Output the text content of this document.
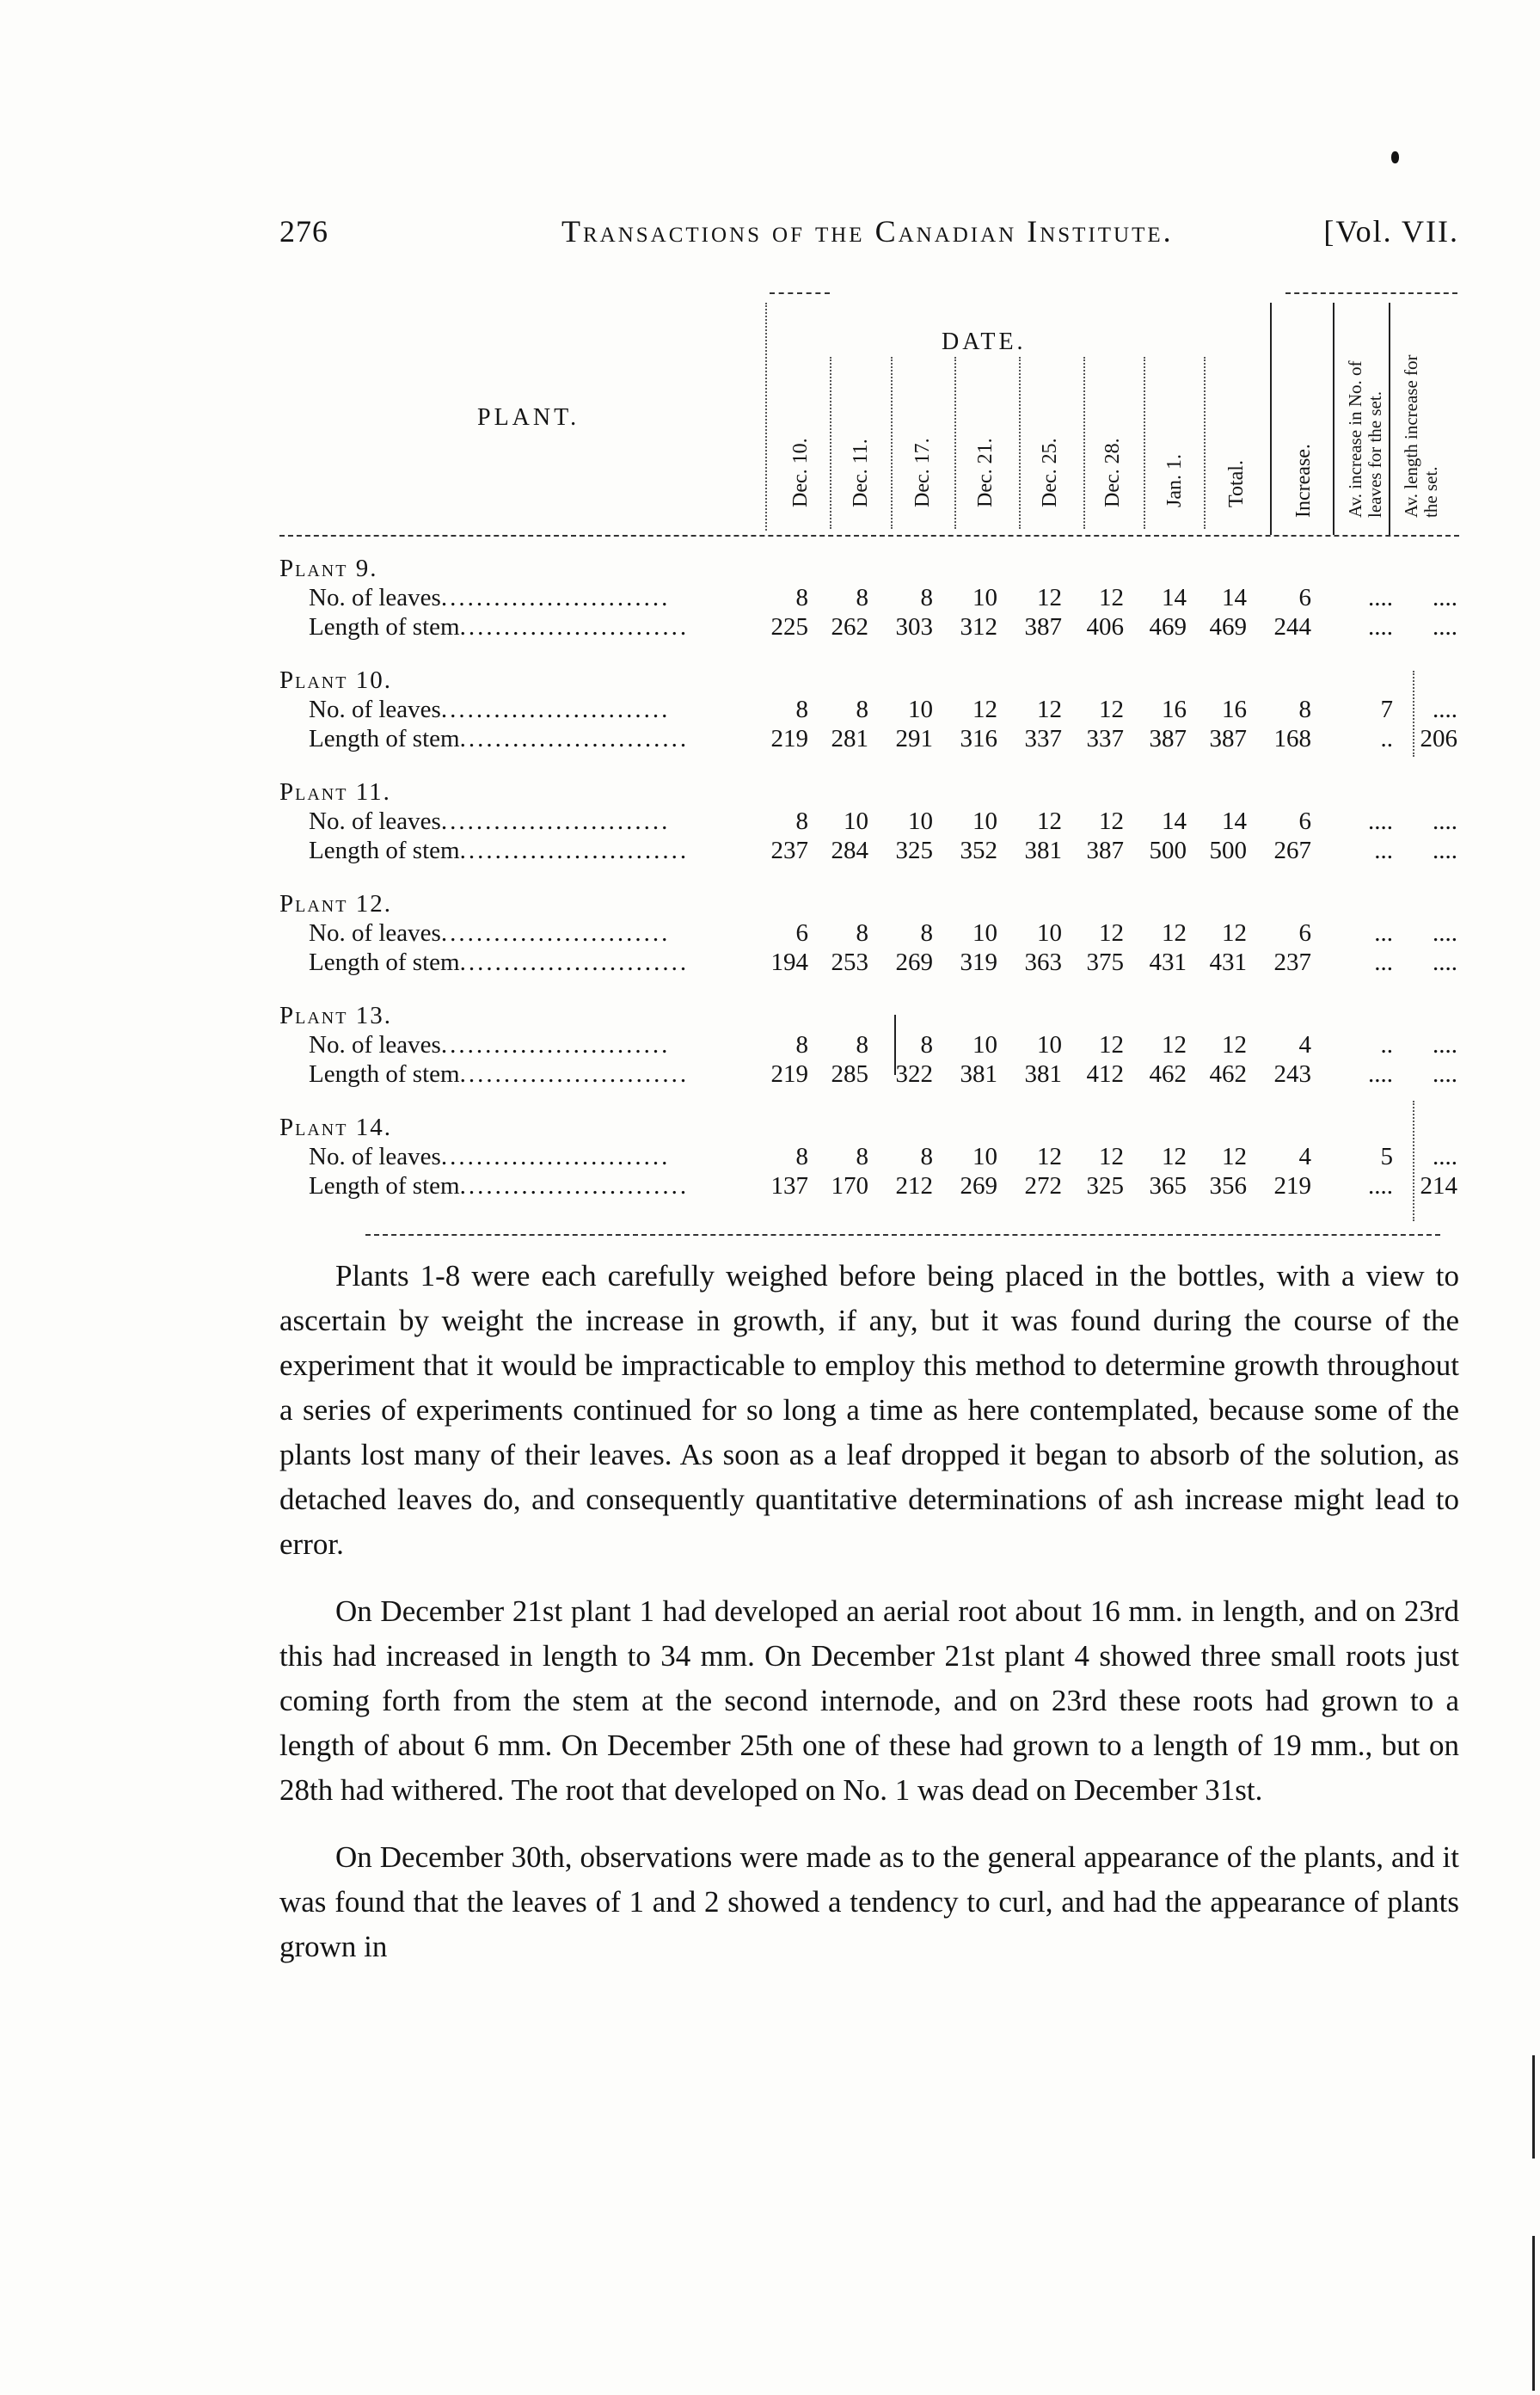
276	Transactions of the Canadian Institute.	[Vol. VII.
PLANT.
DATE.
Dec. 10. Dec. 11. Dec. 17. Dec. 21. Dec. 25. Dec. 28. Jan. 1. Total. Increase. Av. increase in No. of leaves for the set. Av. length increase for the set.
Plant 9.
No. of leaves..........................	8	8	8	10	12	12	14	14	6	....	....
Length of stem..........................	225 262	303	312	387 406	469 469	244	....	....
Plant 10.
No. of leaves..........................	8	8	10	12	12	12	16	16	8	7	....
Length of stem..........................	219 281	291	316	337 337	387 387	168	..	206
Plant 11.
No. of leaves..........................	8	10	10	10	12	12	14	14	6	....	....
Length of stem..........................	237 284	325	352	381 387	500 500	267	...	....
Plant 12.
No. of leaves..........................	6	8	8	10	10	12	12	12	6	...	....
Length of stem..........................	194 253	269	319	363 375	431 431	237	...	....
Plant 13.
No. of leaves..........................	8	8	8	10	10	12	12	12	4	..	....
Length of stem..........................	219 285	322	381	381 412	462 462	243	....	....
Plant 14.
No. of leaves..........................	8	8	8	10	12	12	12	12	4	5	....
Length of stem..........................	137 170	212	269	272 325	365 356	219	....	214

Plants 1-8 were each carefully weighed before being placed in the bottles, with a view to ascertain by weight the increase in growth, if any, but it was found during the course of the experiment that it would be impracticable to employ this method to determine growth throughout a series of experiments continued for so long a time as here contemplated, because some of the plants lost many of their leaves. As soon as a leaf dropped it began to absorb of the solution, as detached leaves do, and consequently quantitative determinations of ash increase might lead to error.

On December 21st plant 1 had developed an aerial root about 16 mm. in length, and on 23rd this had increased in length to 34 mm. On December 21st plant 4 showed three small roots just coming forth from the stem at the second internode, and on 23rd these roots had grown to a length of about 6 mm. On December 25th one of these had grown to a length of 19 mm., but on 28th had withered. The root that developed on No. 1 was dead on December 31st.

On December 30th, observations were made as to the general appearance of the plants, and it was found that the leaves of 1 and 2 showed a tendency to curl, and had the appearance of plants grown in
